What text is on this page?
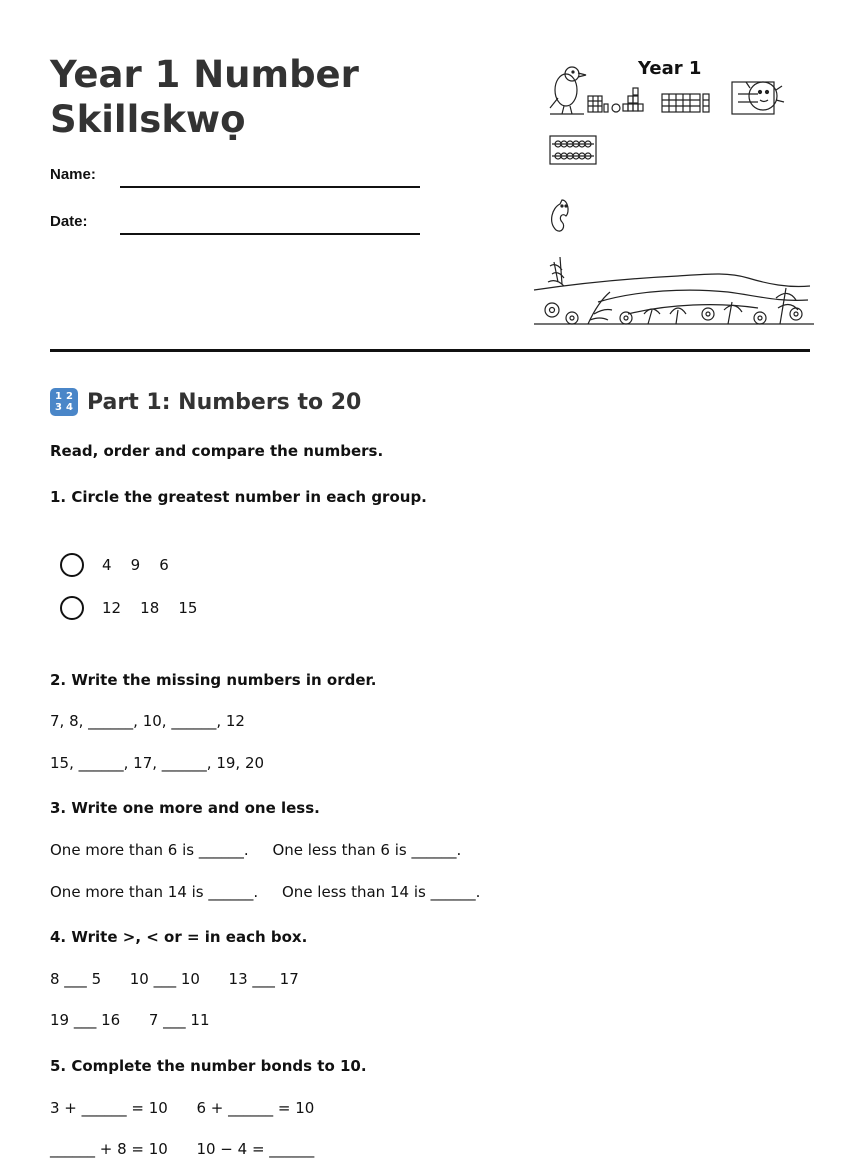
Year 1 Number
Skillskwọ
Name:
Date:
Year 1
1 2
3 4 Part 1: Numbers to 20
Read, order and compare the numbers.
1. Circle the greatest number in each group.
4    9    6
12    18    15
2. Write the missing numbers in order.
7, 8, ______, 10, ______, 12
15, ______, 17, ______, 19, 20
3. Write one more and one less.
One more than 6 is ______.     One less than 6 is ______.
One more than 14 is ______.     One less than 14 is ______.
4. Write >, < or = in each box.
8 ___ 5      10 ___ 10      13 ___ 17
19 ___ 16      7 ___ 11
5. Complete the number bonds to 10.
3 + ______ = 10      6 + ______ = 10
______ + 8 = 10      10 − 4 = ______
